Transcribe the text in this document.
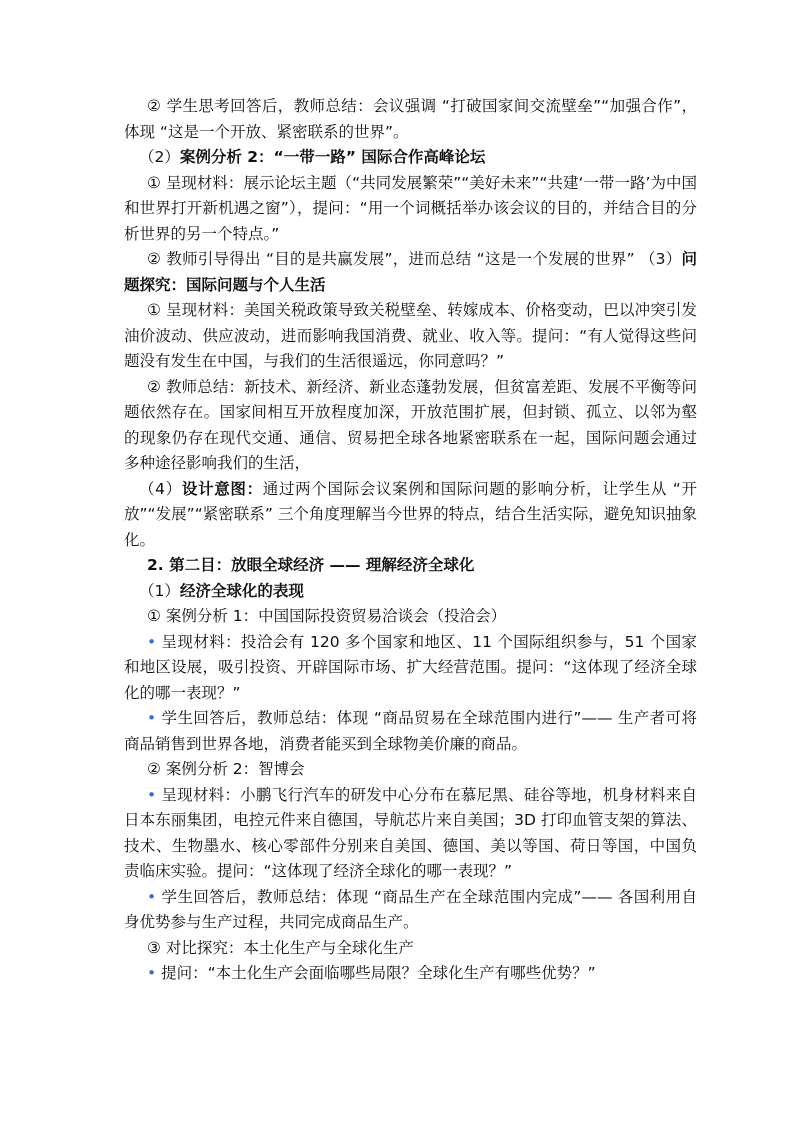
② 学生思考回答后，教师总结：会议强调 “打破国家间交流壁垒”“加强合作”，体现 “这是一个开放、紧密联系的世界”。

（2）案例分析 2：“一带一路” 国际合作高峰论坛

① 呈现材料：展示论坛主题（“共同发展繁荣”“美好未来”“共建‘一带一路’为中国和世界打开新机遇之窗”），提问：“用一个词概括举办该会议的目的，并结合目的分析世界的另一个特点。”

② 教师引导得出 “目的是共赢发展”，进而总结 “这是一个发展的世界” （3）问题探究：国际问题与个人生活

① 呈现材料：美国关税政策导致关税壁垒、转嫁成本、价格变动，巴以冲突引发油价波动、供应波动，进而影响我国消费、就业、收入等。提问：“有人觉得这些问题没有发生在中国，与我们的生活很遥远，你同意吗？”

② 教师总结：新技术、新经济、新业态蓬勃发展，但贫富差距、发展不平衡等问题依然存在。国家间相互开放程度加深，开放范围扩展，但封锁、孤立、以邻为壑的现象仍存在现代交通、通信、贸易把全球各地紧密联系在一起，国际问题会通过多种途径影响我们的生活，

（4）设计意图：通过两个国际会议案例和国际问题的影响分析，让学生从 “开放”“发展”“紧密联系” 三个角度理解当今世界的特点，结合生活实际，避免知识抽象化。

2. 第二目：放眼全球经济 —— 理解经济全球化

（1）经济全球化的表现

① 案例分析 1：中国国际投资贸易洽谈会（投洽会）

• 呈现材料：投洽会有 120 多个国家和地区、11 个国际组织参与，51 个国家和地区设展，吸引投资、开辟国际市场、扩大经营范围。提问：“这体现了经济全球化的哪一表现？”

• 学生回答后，教师总结：体现 “商品贸易在全球范围内进行”—— 生产者可将商品销售到世界各地，消费者能买到全球物美价廉的商品。

② 案例分析 2：智博会

• 呈现材料：小鹏飞行汽车的研发中心分布在慕尼黑、硅谷等地，机身材料来自日本东丽集团，电控元件来自德国，导航芯片来自美国；3D 打印血管支架的算法、技术、生物墨水、核心零部件分别来自美国、德国、美以等国、荷日等国，中国负责临床实验。提问：“这体现了经济全球化的哪一表现？”

• 学生回答后，教师总结：体现 “商品生产在全球范围内完成”—— 各国利用自身优势参与生产过程，共同完成商品生产。

③ 对比探究：本土化生产与全球化生产

• 提问：“本土化生产会面临哪些局限？全球化生产有哪些优势？”
